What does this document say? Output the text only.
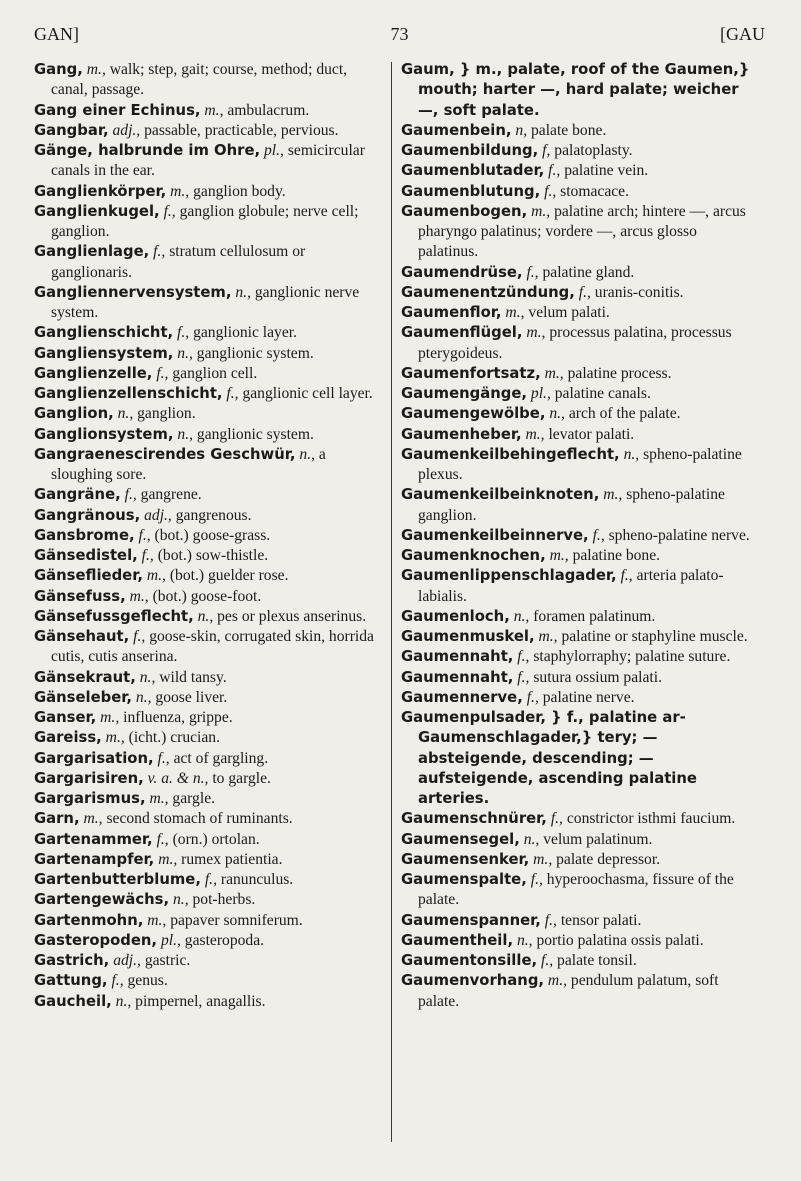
GAN]	73	[GAU
Gang, m., walk; step, gait; course, method; duct, canal, passage.
Gang einer Echinus, m., ambulacrum.
Gangbar, adj., passable, practicable, pervious.
Gänge, halbrunde im Ohre, pl., semicircular canals in the ear.
Ganglienkörper, m., ganglion body.
Ganglienkugel, f., ganglion globule; nerve cell; ganglion.
Ganglienlage, f., stratum cellulosum or ganglionaris.
Gangliennervensystem, n., ganglionic nerve system.
Ganglienschicht, f., ganglionic layer.
Gangliensystem, n., ganglionic system.
Ganglienzelle, f., ganglion cell.
Ganglienzellenschicht, f., ganglionic cell layer.
Ganglion, n., ganglion.
Ganglionsystem, n., ganglionic system.
Gangraenescirendes Geschwür, n., a sloughing sore.
Gangräne, f., gangrene.
Gangränous, adj., gangrenous.
Gansbrome, f., (bot.) goose-grass.
Gänsedistel, f., (bot.) sow-thistle.
Gänseflieder, m., (bot.) guelder rose.
Gänsefuss, m., (bot.) goose-foot.
Gänsefussgeflecht, n., pes or plexus anserinus.
Gänsehaut, f., goose-skin, corrugated skin, horrida cutis, cutis anserina.
Gänsekraut, n., wild tansy.
Gänseleber, n., goose liver.
Ganser, m., influenza, grippe.
Gareiss, m., (icht.) crucian.
Gargarisation, f., act of gargling.
Gargarisiren, v. a. & n., to gargle.
Gargarismus, m., gargle.
Garn, m., second stomach of ruminants.
Gartenammer, f., (orn.) ortolan.
Gartenampfer, m., rumex patientia.
Gartenbutterblume, f., ranunculus.
Gartengewächs, n., pot-herbs.
Gartenmohn, m., papaver somniferum.
Gasteropoden, pl., gasteropoda.
Gastrich, adj., gastric.
Gattung, f., genus.
Gaucheil, n., pimpernel, anagallis.
Gaum, } m., palate, roof of the Gaumen,} mouth; harter —, hard palate; weicher —, soft palate.
Gaumenbein, n, palate bone.
Gaumenbildung, f, palatoplasty.
Gaumenblutader, f., palatine vein.
Gaumenblutung, f., stomacace.
Gaumenbogen, m., palatine arch; hintere —, arcus pharyngo palatinus; vordere —, arcus glosso palatinus.
Gaumendrüse, f., palatine gland.
Gaumenentzündung, f., uranis-conitis.
Gaumenflor, m., velum palati.
Gaumenflügel, m., processus palatina, processus pterygoideus.
Gaumenfortsatz, m., palatine process.
Gaumengänge, pl., palatine canals.
Gaumengewölbe, n., arch of the palate.
Gaumenheber, m., levator palati.
Gaumenkeilbehingeflecht, n., spheno-palatine plexus.
Gaumenkeilbeinknoten, m., spheno-palatine ganglion.
Gaumenkeilbeinnerve, f., spheno-palatine nerve.
Gaumenknochen, m., palatine bone.
Gaumenlippenschlagader, f., arteria palato-labialis.
Gaumenloch, n., foramen palatinum.
Gaumenmuskel, m., palatine or staphyline muscle.
Gaumennaht, f., staphylorraphy; palatine suture.
Gaumennaht, f., sutura ossium palati.
Gaumennerve, f., palatine nerve.
Gaumenpulsader, } f., palatine ar- Gaumenschlagader,} tery; — absteigende, descending; — aufsteigende, ascending palatine arteries.
Gaumenschnürer, f., constrictor isthmi faucium.
Gaumensegel, n., velum palatinum.
Gaumensenker, m., palate depressor.
Gaumenspalte, f., hyperoochasma, fissure of the palate.
Gaumenspanner, f., tensor palati.
Gaumentheil, n., portio palatina ossis palati.
Gaumentonsille, f., palate tonsil.
Gaumenvorhang, m., pendulum palatum, soft palate.
